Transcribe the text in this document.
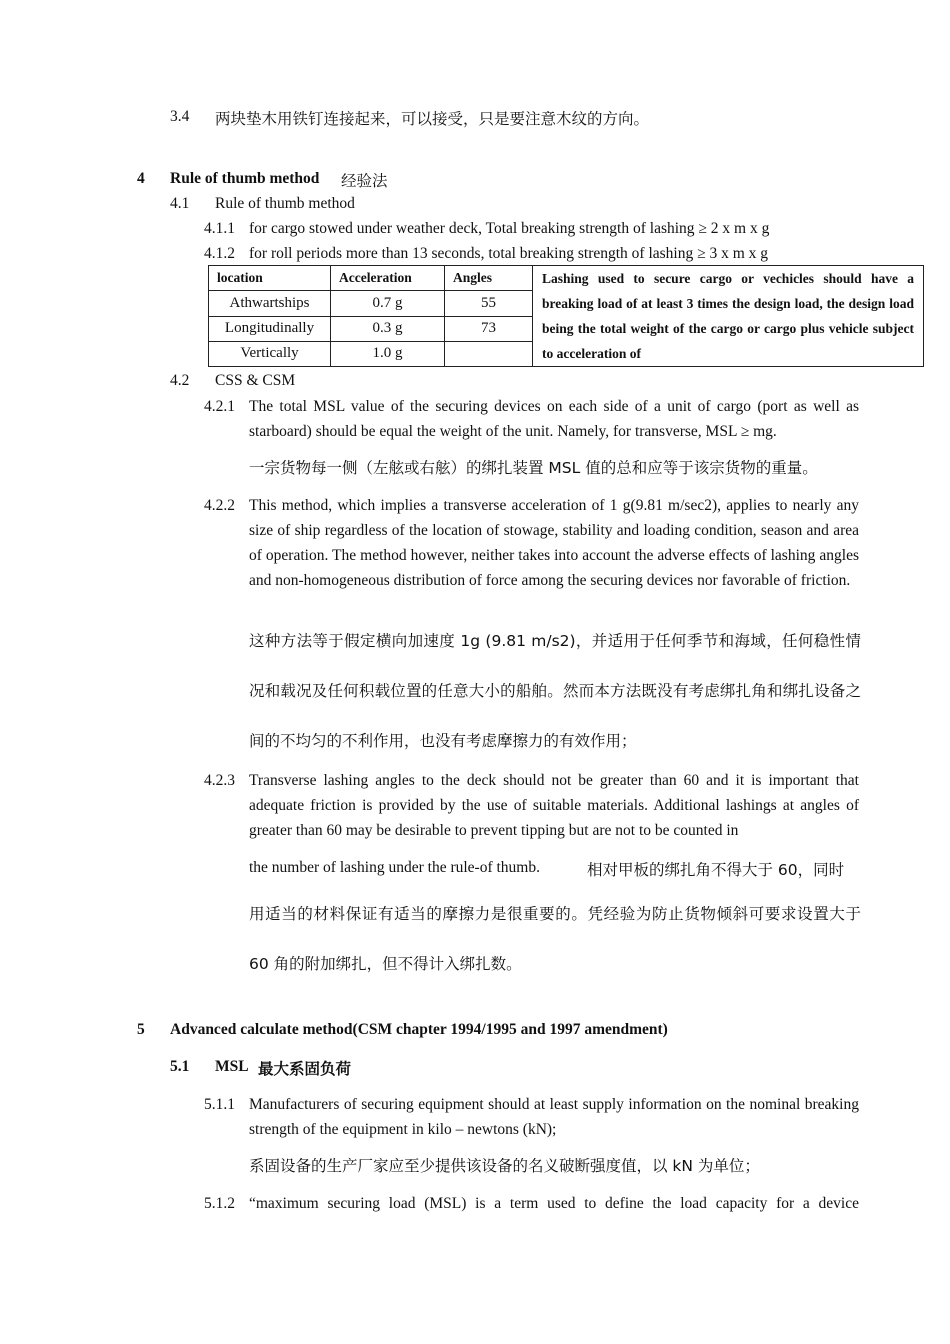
3.4 两块垫木用铁钉连接起来，可以接受，只是要注意木纹的方向。
4 Rule of thumb method 经验法
4.1 Rule of thumb method
4.1.1 for cargo stowed under weather deck, Total breaking strength of lashing ≥ 2 x m x g
4.1.2 for roll periods more than 13 seconds, total breaking strength of lashing ≥ 3 x m x g
location	Acceleration	Angles	Lashing used to secure cargo or vechicles should have a breaking load of at least 3 times the design load, the design load being the total weight of the cargo or cargo plus vehicle subject to acceleration of
Athwartships	0.7 g	55	
Longitudinally	0.3 g	73	
Vertically	1.0 g		
4.2 CSS & CSM
4.2.1 The total MSL value of the securing devices on each side of a unit of cargo (port as well as starboard) should be equal the weight of the unit. Namely, for transverse, MSL ≥ mg.
一宗货物每一侧（左舷或右舷）的绑扎装置 MSL 值的总和应等于该宗货物的重量。
4.2.2 This method, which implies a transverse acceleration of 1 g(9.81 m/sec2), applies to nearly any size of ship regardless of the location of stowage, stability and loading condition, season and area of operation. The method however, neither takes into account the adverse effects of lashing angles and non-homogeneous distribution of force among the securing devices nor favorable of friction.
这种方法等于假定横向加速度 1g (9.81 m/s2)，并适用于任何季节和海域，任何稳性情况和载况及任何积载位置的任意大小的船舶。然而本方法既没有考虑绑扎角和绑扎设备之间的不均匀的不利作用，也没有考虑摩擦力的有效作用；
4.2.3 Transverse lashing angles to the deck should not be greater than 60 and it is important that adequate friction is provided by the use of suitable materials. Additional lashings at angles of greater than 60 may be desirable to prevent tipping but are not to be counted in
the number of lashing under the rule-of thumb.	相对甲板的绑扎角不得大于 60，同时
用适当的材料保证有适当的摩擦力是很重要的。凭经验为防止货物倾斜可要求设置大于 60 角的附加绑扎，但不得计入绑扎数。
5 Advanced calculate method(CSM chapter 1994/1995 and 1997 amendment)
5.1 MSL 最大系固负荷
5.1.1 Manufacturers of securing equipment should at least supply information on the nominal breaking strength of the equipment in kilo – newtons (kN);
系固设备的生产厂家应至少提供该设备的名义破断强度值，以 kN 为单位；
5.1.2 “maximum securing load (MSL) is a term used to define the load capacity for a device
